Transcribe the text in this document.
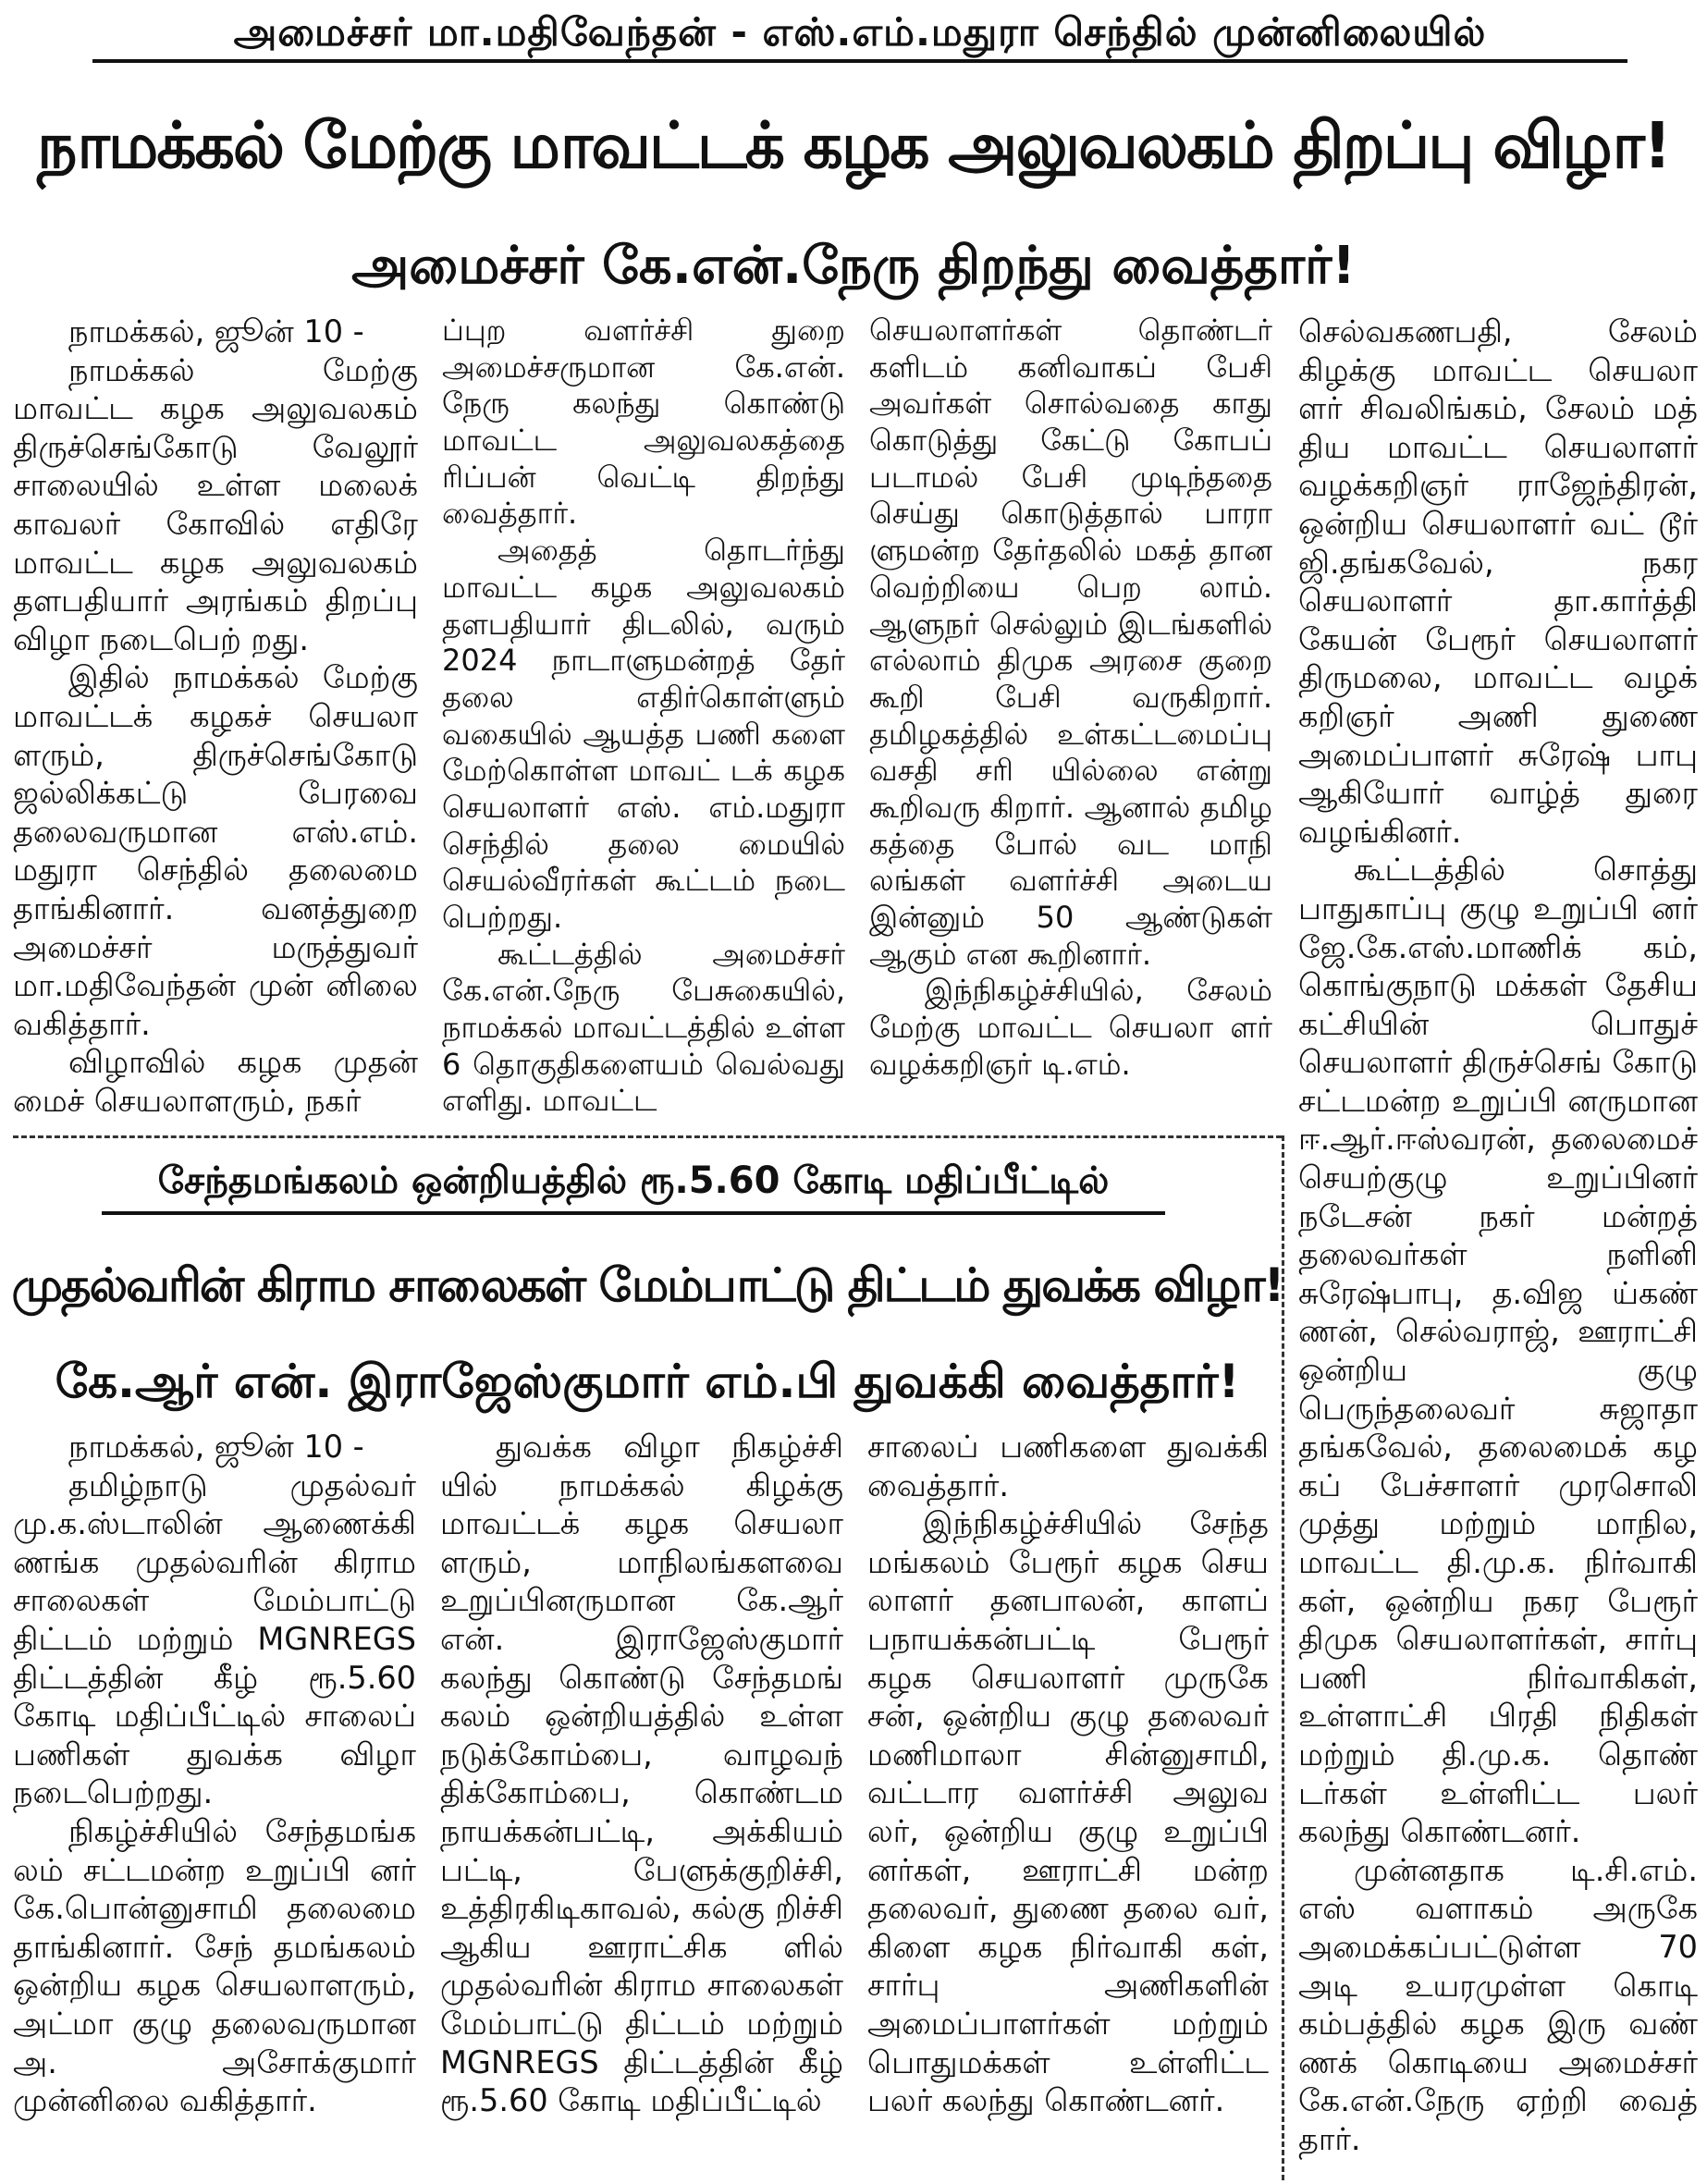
அமைச்சர் மா.மதிவேந்தன் - எஸ்.எம்.மதுரா செந்தில் முன்னிலையில்
நாமக்கல் மேற்கு மாவட்டக் கழக அலுவலகம் திறப்பு விழா!
அமைச்சர் கே.என்.நேரு திறந்து வைத்தார்!

நாமக்கல், ஜூன் 10 -

நாமக்கல் மேற்கு மாவட்ட கழக அலுவலகம் திருச்செங்கோடு வேலூர் சாலையில் உள்ள மலைக் காவலர் கோவில் எதிரே மாவட்ட கழக அலுவலகம் தளபதியார் அரங்கம் திறப்பு விழா நடைபெற் றது.

இதில் நாமக்கல் மேற்கு மாவட்டக் கழகச் செயலா ளரும், திருச்செங்கோடு ஜல்லிக்கட்டு பேரவை தலைவருமான எஸ்.எம். மதுரா செந்தில் தலைமை தாங்கினார். வனத்துறை அமைச்சர் மருத்துவர் மா.மதிவேந்தன் முன் னிலை வகித்தார்.

விழாவில் கழக முதன் மைச் செயலாளரும், நகர்

ப்புற வளர்ச்சி துறை அமைச்சருமான கே.என். நேரு கலந்து கொண்டு மாவட்ட அலுவலகத்தை ரிப்பன் வெட்டி திறந்து வைத்தார்.

அதைத் தொடர்ந்து மாவட்ட கழக அலுவலகம் தளபதியார் திடலில், வரும் 2024 நாடாளுமன்றத் தேர் தலை எதிர்கொள்ளும் வகையில் ஆயத்த பணி களை மேற்கொள்ள மாவட் டக் கழக செயலாளர் எஸ். எம்.மதுரா செந்தில் தலை மையில் செயல்வீரர்கள் கூட்டம் நடை பெற்றது.

கூட்டத்தில் அமைச்சர் கே.என்.நேரு பேசுகையில், நாமக்கல் மாவட்டத்தில் உள்ள 6 தொகுதிகளையம் வெல்வது எளிது. மாவட்ட

செயலாளர்கள் தொண்டர் களிடம் கனிவாகப் பேசி அவர்கள் சொல்வதை காது கொடுத்து கேட்டு கோபப் படாமல் பேசி முடிந்ததை செய்து கொடுத்தால் பாரா ளுமன்ற தேர்தலில் மகத் தான வெற்றியை பெற லாம். ஆளுநர் செல்லும் இடங்களில் எல்லாம் திமுக அரசை குறை கூறி பேசி வருகிறார். தமிழகத்தில் உள்கட்டமைப்பு வசதி சரி யில்லை என்று கூறிவரு கிறார். ஆனால் தமிழ கத்தை போல் வட மாநி லங்கள் வளர்ச்சி அடைய இன்னும் 50 ஆண்டுகள் ஆகும் என கூறினார்.

இந்நிகழ்ச்சியில், சேலம் மேற்கு மாவட்ட செயலா ளர் வழக்கறிஞர் டி.எம்.

செல்வகணபதி, சேலம் கிழக்கு மாவட்ட செயலா ளர் சிவலிங்கம், சேலம் மத் திய மாவட்ட செயலாளர் வழக்கறிஞர் ராஜேந்திரன், ஒன்றிய செயலாளர் வட் டூர் ஜி.தங்கவேல், நகர செயலாளர் தா.கார்த்தி கேயன் பேரூர் செயலாளர் திருமலை, மாவட்ட வழக் கறிஞர் அணி துணை அமைப்பாளர் சுரேஷ் பாபு ஆகியோர் வாழ்த் துரை வழங்கினர்.

கூட்டத்தில் சொத்து பாதுகாப்பு குழு உறுப்பி னர் ஜே.கே.எஸ்.மாணிக் கம், கொங்குநாடு மக்கள் தேசிய கட்சியின் பொதுச் செயலாளர் திருச்செங் கோடு சட்டமன்ற உறுப்பி னருமான ஈ.ஆர்.ஈஸ்வரன், தலைமைச் செயற்குழு உறுப்பினர் நடேசன் நகர் மன்றத் தலைவர்கள் நளினி சுரேஷ்பாபு, த.விஜ ய்கண் ணன், செல்வராஜ், ஊராட்சி ஒன்றிய குழு பெருந்தலைவர் சுஜாதா தங்கவேல், தலைமைக் கழ கப் பேச்சாளர் முரசொலி முத்து மற்றும் மாநில, மாவட்ட தி.மு.க. நிர்வாகி கள், ஒன்றிய நகர பேரூர் திமுக செயலாளர்கள், சார்பு பணி நிர்வாகிகள், உள்ளாட்சி பிரதி நிதிகள் மற்றும் தி.மு.க. தொண் டர்கள் உள்ளிட்ட பலர் கலந்து கொண்டனர்.

முன்னதாக டி.சி.எம். எஸ் வளாகம் அருகே அமைக்கப்பட்டுள்ள 70 அடி உயரமுள்ள கொடி கம்பத்தில் கழக இரு வண் ணக் கொடியை அமைச்சர் கே.என்.நேரு ஏற்றி வைத் தார்.

சேந்தமங்கலம் ஒன்றியத்தில் ரூ.5.60 கோடி மதிப்பீட்டில்
முதல்வரின் கிராம சாலைகள் மேம்பாட்டு திட்டம் துவக்க விழா!
கே.ஆர் என். இராஜேஸ்குமார் எம்.பி துவக்கி வைத்தார்!

நாமக்கல், ஜூன் 10 -

தமிழ்நாடு முதல்வர் மு.க.ஸ்டாலின் ஆணைக்கி ணங்க முதல்வரின் கிராம சாலைகள் மேம்பாட்டு திட்டம் மற்றும் MGNREGS திட்டத்தின் கீழ் ரூ.5.60 கோடி மதிப்பீட்டில் சாலைப் பணிகள் துவக்க விழா நடைபெற்றது.

நிகழ்ச்சியில் சேந்தமங்க லம் சட்டமன்ற உறுப்பி னர் கே.பொன்னுசாமி தலைமை தாங்கினார். சேந் தமங்கலம் ஒன்றிய கழக செயலாளரும், அட்மா குழு தலைவருமான அ. அசோக்குமார் முன்னிலை வகித்தார்.

துவக்க விழா நிகழ்ச்சி யில் நாமக்கல் கிழக்கு மாவட்டக் கழக செயலா ளரும், மாநிலங்களவை உறுப்பினருமான கே.ஆர் என். இராஜேஸ்குமார் கலந்து கொண்டு சேந்தமங் கலம் ஒன்றியத்தில் உள்ள நடுக்கோம்பை, வாழவந் திக்கோம்பை, கொண்டம நாயக்கன்பட்டி, அக்கியம் பட்டி, பேளுக்குறிச்சி, உத்திரகிடிகாவல், கல்கு றிச்சி ஆகிய ஊராட்சிக ளில் முதல்வரின் கிராம சாலைகள் மேம்பாட்டு திட்டம் மற்றும் MGNREGS திட்டத்தின் கீழ் ரூ.5.60 கோடி மதிப்பீட்டில்

சாலைப் பணிகளை துவக்கி வைத்தார்.

இந்நிகழ்ச்சியில் சேந்த மங்கலம் பேரூர் கழக செய லாளர் தனபாலன், காளப் பநாயக்கன்பட்டி பேரூர் கழக செயலாளர் முருகே சன், ஒன்றிய குழு தலைவர் மணிமாலா சின்னுசாமி, வட்டார வளர்ச்சி அலுவ லர், ஒன்றிய குழு உறுப்பி னர்கள், ஊராட்சி மன்ற தலைவர், துணை தலை வர், கிளை கழக நிர்வாகி கள், சார்பு அணிகளின் அமைப்பாளர்கள் மற்றும் பொதுமக்கள் உள்ளிட்ட பலர் கலந்து கொண்டனர்.
